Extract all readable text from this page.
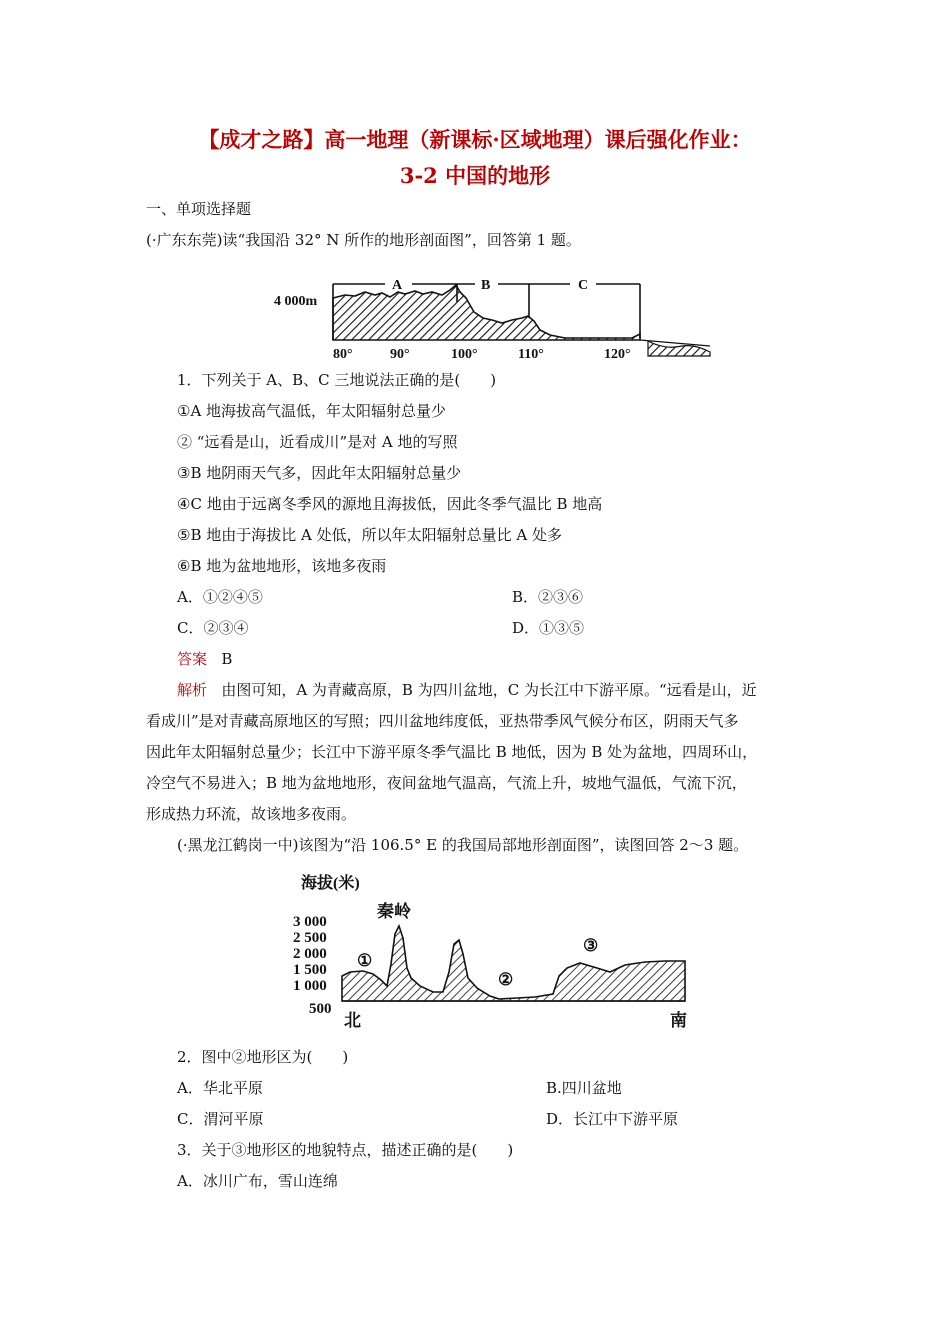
【成才之路】高一地理（新课标·区域地理）课后强化作业：
3-2 中国的地形
一、单项选择题
(·广东东莞)读“我国沿 32° N 所作的地形剖面图”，回答第 1 题。
4 000m
A	B	C
80°	90°	100°	110°	120°
1．下列关于 A、B、C 三地说法正确的是(　　)
①A 地海拔高气温低，年太阳辐射总量少
② “远看是山，近看成川”是对 A 地的写照
③B 地阴雨天气多，因此年太阳辐射总量少
④C 地由于远离冬季风的源地且海拔低，因此冬季气温比 B 地高
⑤B 地由于海拔比 A 处低，所以年太阳辐射总量比 A 处多
⑥B 地为盆地地形，该地多夜雨
A．①②④⑤	B．②③⑥
C．②③④	D．①③⑤
答案 B
解析 由图可知，A 为青藏高原，B 为四川盆地，C 为长江中下游平原。“远看是山，近
看成川”是对青藏高原地区的写照；四川盆地纬度低，亚热带季风气候分布区，阴雨天气多
因此年太阳辐射总量少；长江中下游平原冬季气温比 B 地低，因为 B 处为盆地，四周环山，
冷空气不易进入；B 地为盆地地形，夜间盆地气温高，气流上升，坡地气温低，气流下沉，
形成热力环流，故该地多夜雨。
(·黑龙江鹤岗一中)该图为“沿 106.5° E 的我国局部地形剖面图”，读图回答 2～3 题。
海拔(米)
3 000
2 500
2 000
1 500
1 000
500
秦岭
①
②
③
北	南
2．图中②地形区为(　　)
A．华北平原	B.四川盆地
C．渭河平原	D．长江中下游平原
3．关于③地形区的地貌特点，描述正确的是(　　)
A．冰川广布，雪山连绵
